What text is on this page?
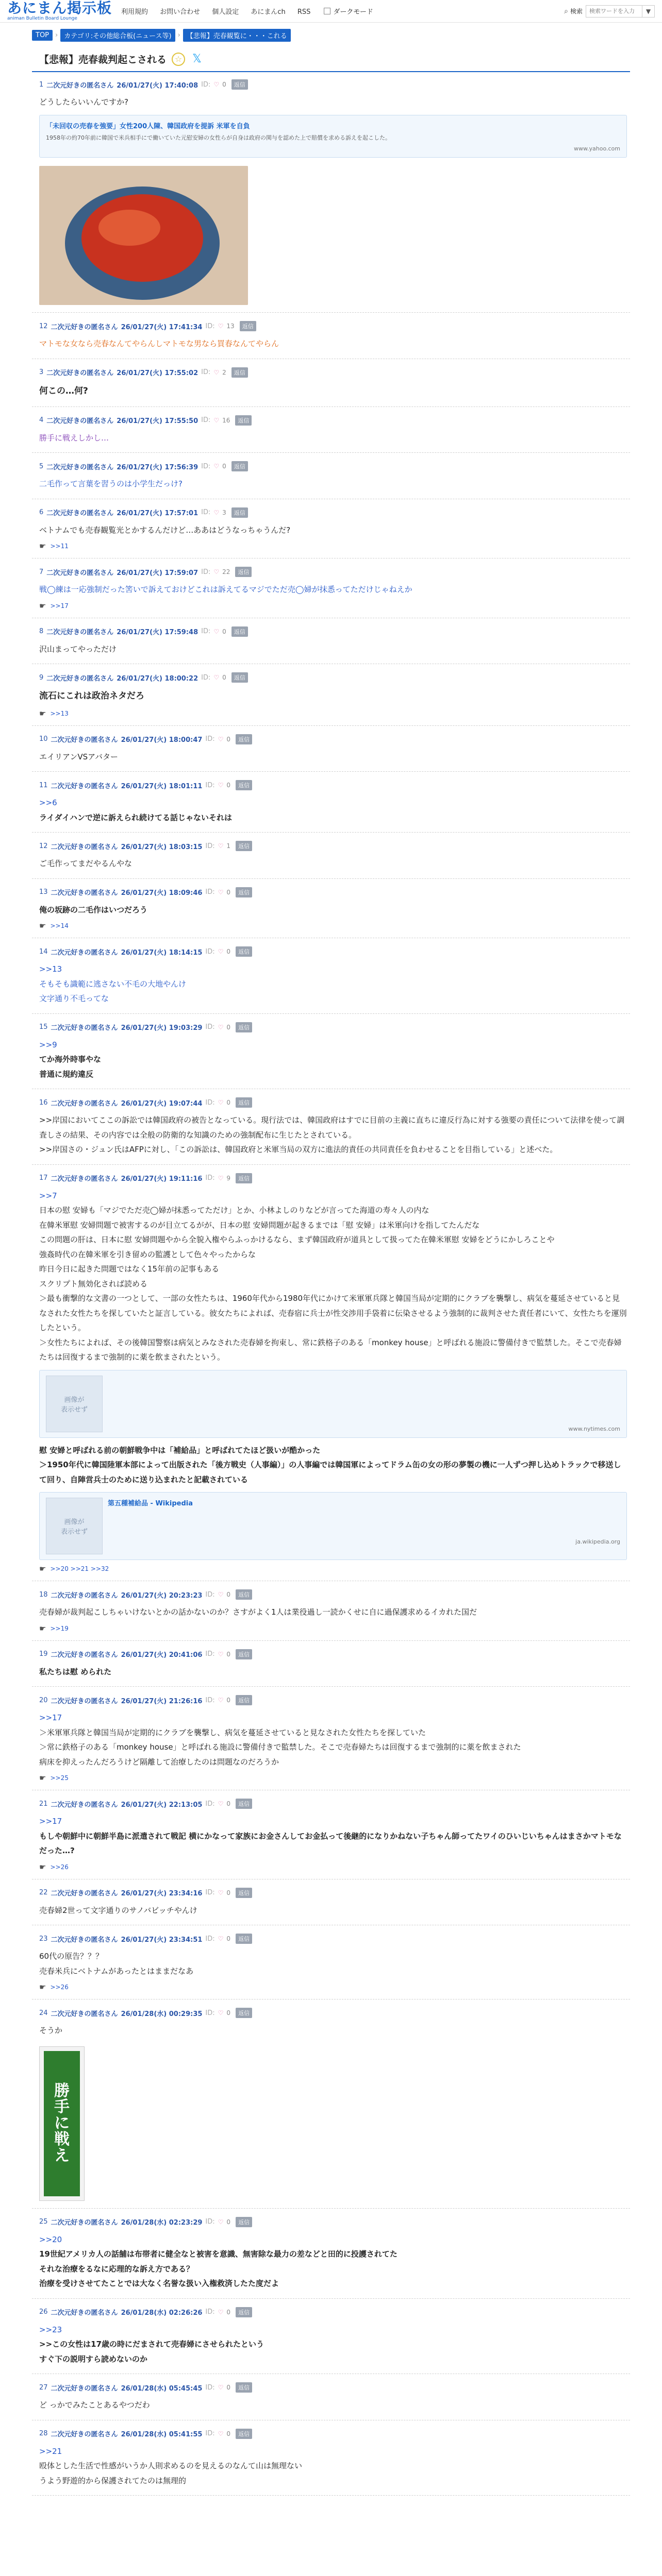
あにまん掲示板
animan Bulletin Board Lounge
利用規約 お問い合わせ 個人設定 あにまんch RSS	ダークモード	⌕ 検索
検索ワードを入力	▼
TOP › カテゴリ:その他総合板(ニュース等) › 【悲報】売春観覧に・・・これる
【悲報】売春裁判起こされる ☆ 𝕏
1 二次元好きの匿名さん 26/01/27(火) 17:40:08 ID: ♡ 0	返信
どうしたらいいんですか?
「未回収の売春を強要」女性200人陳、韓国政府を提訴 米軍を自負
1958年の約70年前に韓国で米兵相手にで働いていた元慰安婦の女性らが自身は政府の関与を認めた上で賠償を求める訴えを起こした。
www.yahoo.com
12 二次元好きの匿名さん 26/01/27(火) 17:41:34 ID: ♡ 13	返信
マトモな女なら売春なんてやらんしマトモな男なら買春なんてやらん
3 二次元好きの匿名さん 26/01/27(火) 17:55:02 ID: ♡ 2	返信
何この…何?
4 二次元好きの匿名さん 26/01/27(火) 17:55:50 ID: ♡ 16	返信
勝手に戦えしかし…
5 二次元好きの匿名さん 26/01/27(火) 17:56:39 ID: ♡ 0	返信
二毛作って言葉を習うのは小学生だっけ?
6 二次元好きの匿名さん 26/01/27(火) 17:57:01 ID: ♡ 3	返信
ベトナムでも売春観覧光とかするんだけど…ああはどうなっちゃうんだ?
☛ >>11
7 二次元好きの匿名さん 26/01/27(火) 17:59:07 ID: ♡ 22	返信
戦◯練は一応強制だった筈いで訴えておけどこれは訴えてるマジでただ売◯婦が抹悉ってただけじゃねえか
☛ >>17
8 二次元好きの匿名さん 26/01/27(火) 17:59:48 ID: ♡ 0	返信
沢山まってやっただけ
9 二次元好きの匿名さん 26/01/27(火) 18:00:22 ID: ♡ 0	返信
流石にこれは政治ネタだろ
☛ >>13
10 二次元好きの匿名さん 26/01/27(火) 18:00:47 ID: ♡ 0	返信
エイリアンVSアバター
11 二次元好きの匿名さん 26/01/27(火) 18:01:11 ID: ♡ 0	返信
>>6
ライダイハンで逆に訴えられ続けてる話じゃないそれは
12 二次元好きの匿名さん 26/01/27(火) 18:03:15 ID: ♡ 1	返信
ご毛作ってまだやるんやな
13 二次元好きの匿名さん 26/01/27(火) 18:09:46 ID: ♡ 0	返信
俺の坂跡の二毛作はいつだろう
☛ >>14
14 二次元好きの匿名さん 26/01/27(火) 18:14:15 ID: ♡ 0	返信
>>13
そもそも識範に逃さない不毛の大地やんけ
文字通り不毛ってな
15 二次元好きの匿名さん 26/01/27(火) 19:03:29 ID: ♡ 0	返信
>>9
てか海外時事やな
普通に規約違反
16 二次元好きの匿名さん 26/01/27(火) 19:07:44 ID: ♡ 0	返信
>>岸国においてここの訴訟では韓国政府の被告となっている。現行法では、韓国政府はすでに目前の主義に直ちに違反行為に対する強要の責任について法律を使って調査しさの結果、その内容では全般の防衛的な知識のための強制配布に生じたとされている。
>>岸国さの・ジュン氏はAFPに対し、「この訴訟は、韓国政府と米軍当局の双方に進法的責任の共同責任を負わせることを目指している」と述べた。
17 二次元好きの匿名さん 26/01/27(火) 19:11:16 ID: ♡ 9	返信
>>7
日本の慰 安婦も「マジでただ売◯婦が抹悉ってただけ」とか、小林よしのりなどが言ってた海道の寿々人の内な
在韓米軍慰 安婦問題で被害するのが目立てるがが、日本の慰 安婦問題が起きるまでは「慰 安婦」は米軍向けを指してたんだな
この問題の肝は、日本に慰 安婦問題やから全貌入権やらふっかけるなら、まず韓国政府が道具として扱ってた在韓米軍慰 安婦をどうにかしろことや
強姦時代の在韓米軍を引き留めの監護として色々やったからな
昨日今日に起きた問題ではなく15年前の記事もある
スクリプト無効化されば読める
＞最も衝撃的な文書の一つとして、一部の女性たちは、1960年代から1980年代にかけて米軍軍兵隊と韓国当局が定期的にクラブを襲撃し、病気を蔓延させていると見なされた女性たちを探していたと証言している。彼女たちによれば、売春宿に兵士が性交渉用手袋着に伝染させるよう強制的に裁判させた責任者にいて、女性たちを運別したという。
＞女性たちによれば、その後韓国警察は病気とみなされた売春婦を拘束し、常に鉄格子のある「monkey house」と呼ばれる施設に警備付きで監禁した。そこで売春婦たちは回復するまで強制的に薬を飲まされたという。
画像が
表示せず
www.nytimes.com
慰 安婦と呼ばれる前の朝鮮戦争中は「補給品」と呼ばれてたほど扱いが酷かった
＞1950年代に韓国陸軍本部によって出版された「後方戦史（人事編）」の人事編では韓国軍によってドラム缶の女の形の夢製の機に一人ずつ押し込めトラックで移送して回り、自陣営兵士のために送り込まれたと記載されている
画像が
表示せず
第五種補給品 - Wikipedia
ja.wikipedia.org
☛ >>20 >>21 >>32
18 二次元好きの匿名さん 26/01/27(火) 20:23:23 ID: ♡ 0	返信
売春婦が裁判起こしちゃいけないとかの話かないのか？さすがよく1人は業役過し一読かくせに自に過保護求めるイカれた国だ
☛ >>19
19 二次元好きの匿名さん 26/01/27(火) 20:41:06 ID: ♡ 0	返信
私たちは慰 められた
20 二次元好きの匿名さん 26/01/27(火) 21:26:16 ID: ♡ 0	返信
>>17
＞米軍軍兵隊と韓国当局が定期的にクラブを襲撃し、病気を蔓延させていると見なされた女性たちを探していた
＞常に鉄格子のある「monkey house」と呼ばれる施設に警備付きで監禁した。そこで売春婦たちは回復するまで強制的に薬を飲まされた
病床を抑えったんだろうけど隔離して治療したのは問題なのだろうか
☛ >>25
21 二次元好きの匿名さん 26/01/27(火) 22:13:05 ID: ♡ 0	返信
>>17
もしや朝鮮中に朝鮮半島に派遣されて戦記 横にかなって家族にお金さんしてお金払って後継的になりかねない子ちゃん師ってたワイのひいじいちゃんはまさかマトモなだった…?
☛ >>26
22 二次元好きの匿名さん 26/01/27(火) 23:34:16 ID: ♡ 0	返信
売春婦2世って文字通りのサノバビッチやんけ
23 二次元好きの匿名さん 26/01/27(火) 23:34:51 ID: ♡ 0	返信
60代の原告？？？
売春米兵にベトナムがあったとはままだなあ
☛ >>26
24 二次元好きの匿名さん 26/01/28(水) 00:29:35 ID: ♡ 0	返信
そうか
勝
手
に
戦
え
25 二次元好きの匿名さん 26/01/28(水) 02:23:29 ID: ♡ 0	返信
>>20
19世紀アメリカ人の話舗は布帯者に健全なと被害を意識、無害除な最力の差などと田的に投護されてた
それな治療をるなに応理的な訴え方である？
治療を受けさせてたことでは大なく名誉な扱い入権救済したた度だよ
26 二次元好きの匿名さん 26/01/28(水) 02:26:26 ID: ♡ 0	返信
>>23
>>この女性は17歳の時にだまされて売春婦にさせられたという
すぐ下の説明すら読めないのか
27 二次元好きの匿名さん 26/01/28(水) 05:45:45 ID: ♡ 0	返信
ど っかでみたことあるやつだわ
28 二次元好きの匿名さん 26/01/28(水) 05:41:55 ID: ♡ 0	返信
>>21
殴体とした生活で性感がいうか人則求めるのを見えるのなんて山は無理ない
うよう野遊的から保護されてたのは無理的
